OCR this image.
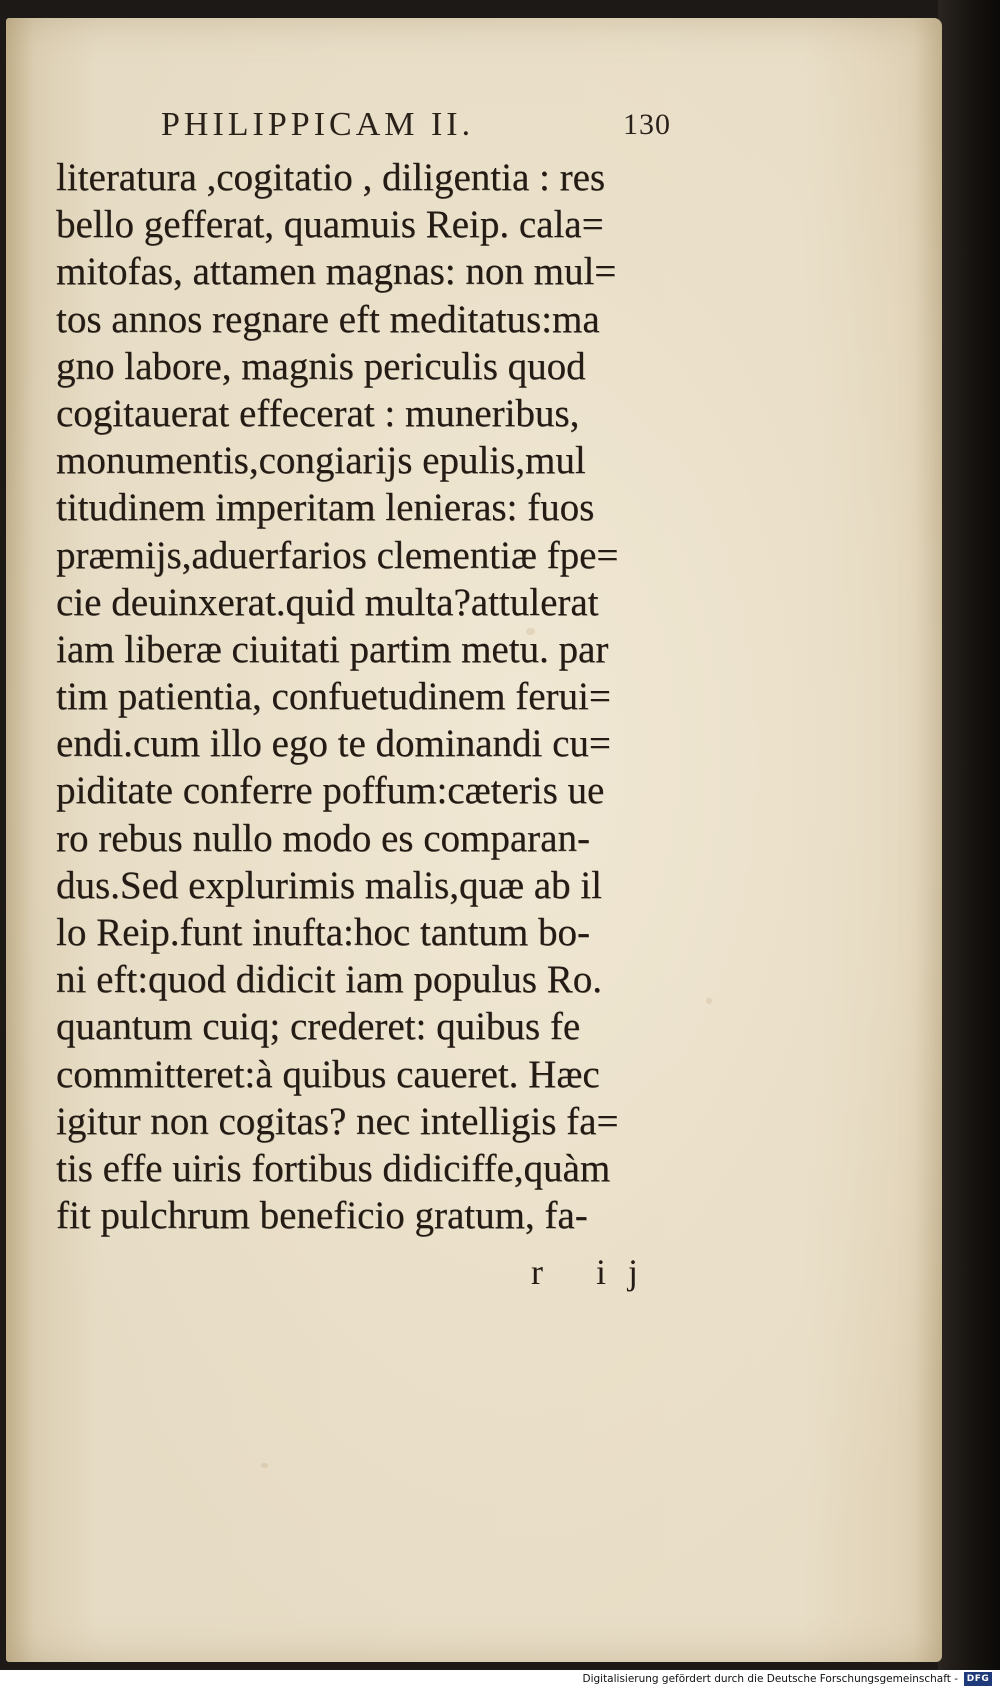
PHILIPPICAM II.	130
literatura ,cogitatio , diligentia : res
bello gefferat, quamuis Reip. cala=
mitofas, attamen magnas: non mul=
tos annos regnare eft meditatus:ma
gno labore, magnis periculis quod
cogitauerat effecerat : muneribus,
monumentis,congiarijs epulis,mul
titudinem imperitam lenieras: fuos
præmijs,aduerfarios clementiæ fpe=
cie deuinxerat.quid multa?attulerat
iam liberæ ciuitati partim metu. par
tim patientia, confuetudinem ferui=
endi.cum illo ego te dominandi cu=
piditate conferre poffum:cæteris ue
ro rebus nullo modo es comparan-
dus.Sed explurimis malis,quæ ab il
lo Reip.funt inufta:hoc tantum bo-
ni eft:quod didicit iam populus Ro.
quantum cuiq; crederet: quibus fe
committeret:à quibus caueret. Hæc
igitur non cogitas? nec intelligis fa=
tis effe uiris fortibus didiciffe,quàm
fit pulchrum beneficio gratum, fa-
r ij
Digitalisierung gefördert durch die Deutsche Forschungsgemeinschaft - DFG
